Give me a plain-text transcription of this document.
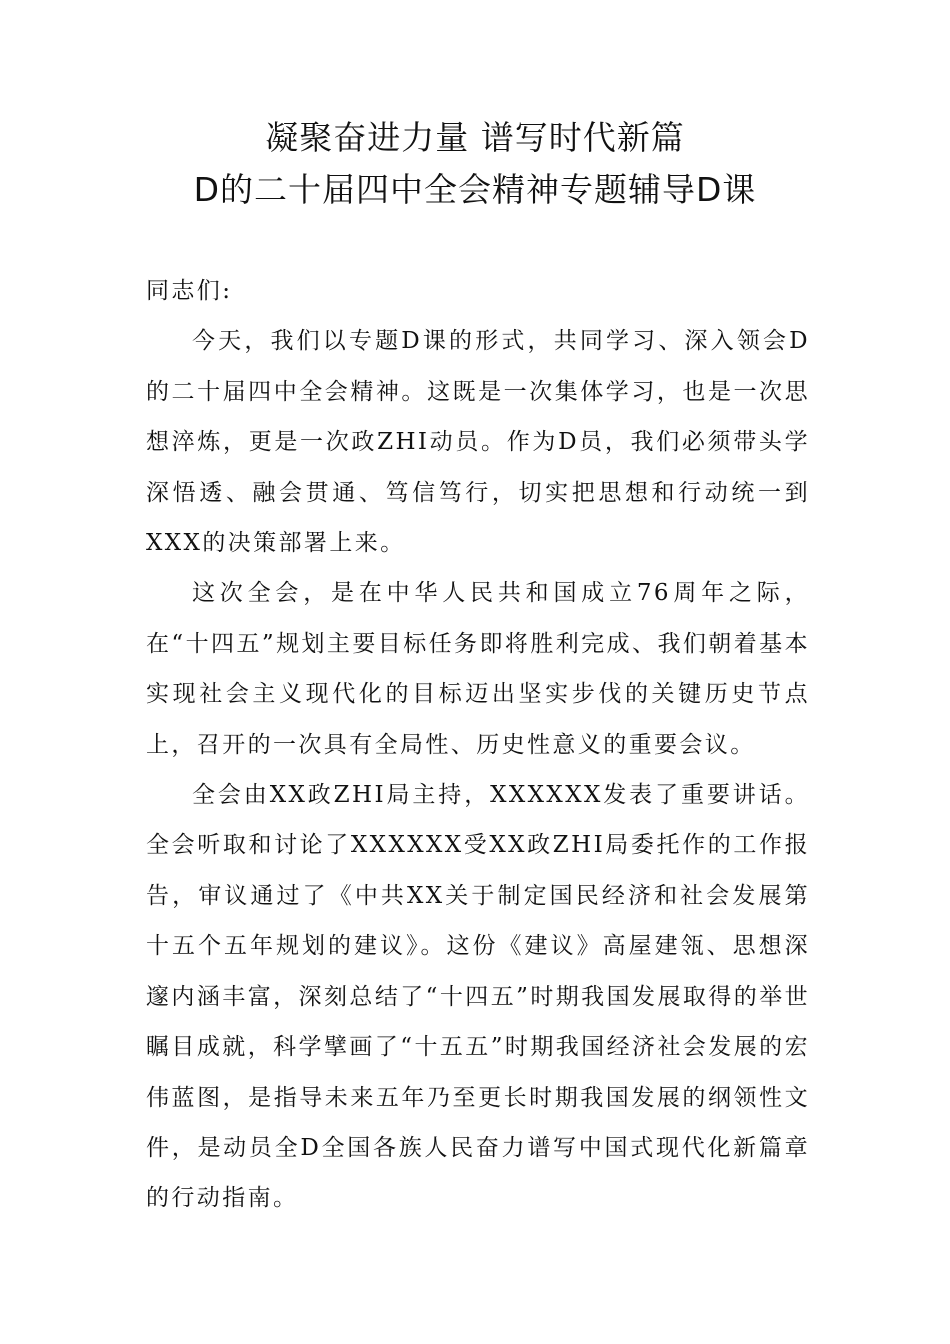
凝聚奋进力量 谱写时代新篇
D的二十届四中全会精神专题辅导D课

同志们:

今天，我们以专题D课的形式，共同学习、深入领会D的二十届四中全会精神。这既是一次集体学习，也是一次思想淬炼，更是一次政ZHI动员。作为D员，我们必须带头学深悟透、融会贯通、笃信笃行，切实把思想和行动统一到XXX的决策部署上来。

这次全会，是在中华人民共和国成立76周年之际，在“十四五”规划主要目标任务即将胜利完成、我们朝着基本实现社会主义现代化的目标迈出坚实步伐的关键历史节点上，召开的一次具有全局性、历史性意义的重要会议。

全会由XX政ZHI局主持，XXXXXX发表了重要讲话。全会听取和讨论了XXXXXX受XX政ZHI局委托作的工作报告，审议通过了《中共XX关于制定国民经济和社会发展第十五个五年规划的建议》。这份《建议》高屋建瓴、思想深邃内涵丰富，深刻总结了“十四五”时期我国发展取得的举世瞩目成就，科学擘画了“十五五”时期我国经济社会发展的宏伟蓝图，是指导未来五年乃至更长时期我国发展的纲领性文件，是动员全D全国各族人民奋力谱写中国式现代化新篇章的行动指南。
